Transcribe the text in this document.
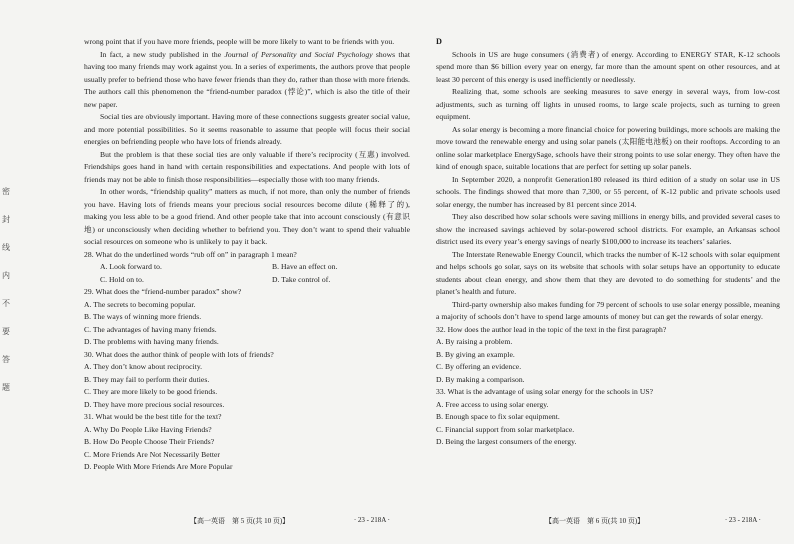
密
封
线
内
不
要
答
题

wrong point that if you have more friends, people will be more likely to want to be friends with you.

In fact, a new study published in the Journal of Personality and Social Psychology shows that having too many friends may work against you. In a series of experiments, the authors prove that people usually prefer to befriend those who have fewer friends than they do, rather than those with more friends. The authors call this phenomenon the “friend-number paradox (悖论)”, which is also the title of their new paper.

Social ties are obviously important. Having more of these connections suggests greater social value, and more potential possibilities. So it seems reasonable to assume that people will focus their social energies on befriending people who have lots of friends already.

But the problem is that these social ties are only valuable if there’s reciprocity (互惠) involved. Friendships goes hand in hand with certain responsibilities and expectations. And people with lots of friends may not be able to finish those responsibilities—especially those with too many friends.

In other words, “friendship quality” matters as much, if not more, than only the number of friends you have. Having lots of friends means your precious social resources become dilute (稀释了的), making you less able to be a good friend. And other people take that into account consciously (有意识地) or unconsciously when deciding whether to befriend you. They don’t want to spend their valuable social resources on someone who is unlikely to pay it back.

28. What do the underlined words “rub off on” in paragraph 1 mean?

A. Look forward to.	B. Have an effect on.
C. Hold on to.	D. Take control of.

29. What does the “friend-number paradox” show?

A. The secrets to becoming popular.

B. The ways of winning more friends.

C. The advantages of having many friends.

D. The problems with having many friends.

30. What does the author think of people with lots of friends?

A. They don’t know about reciprocity.

B. They may fail to perform their duties.

C. They are more likely to be good friends.

D. They have more precious social resources.

31. What would be the best title for the text?

A. Why Do People Like Having Friends?

B. How Do People Choose Their Friends?

C. More Friends Are Not Necessarily Better

D. People With More Friends Are More Popular

D

Schools in US are huge consumers (消费者) of energy. According to ENERGY STAR, K-12 schools spend more than $6 billion every year on energy, far more than the amount spent on other resources, and at least 30 percent of this energy is used inefficiently or needlessly.

Realizing that, some schools are seeking measures to save energy in several ways, from low-cost adjustments, such as turning off lights in unused rooms, to large scale projects, such as turning to green equipment.

As solar energy is becoming a more financial choice for powering buildings, more schools are making the move toward the renewable energy and using solar panels (太阳能电池板) on their rooftops. According to an online solar marketplace EnergySage, schools have their strong points to use solar energy. They often have the kind of enough space, suitable locations that are perfect for setting up solar panels.

In September 2020, a nonprofit Generation180 released its third edition of a study on solar use in US schools. The findings showed that more than 7,300, or 55 percent, of K-12 public and private schools used solar energy, the number has increased by 81 percent since 2014.

They also described how solar schools were saving millions in energy bills, and provided several cases to show the increased savings achieved by solar-powered school districts. For example, an Arkansas school district used its every year’s energy savings of nearly $100,000 to increase its teachers’ salaries.

The Interstate Renewable Energy Council, which tracks the number of K-12 schools with solar equipment and helps schools go solar, says on its website that schools with solar setups have an opportunity to educate students about clean energy, and show them that they are devoted to do something for students’ and the planet’s health and future.

Third-party ownership also makes funding for 79 percent of schools to use solar energy possible, meaning a majority of schools don’t have to spend large amounts of money but can get the rewards of solar energy.

32. How does the author lead in the topic of the text in the first paragraph?

A. By raising a problem.

B. By giving an example.

C. By offering an evidence.

D. By making a comparison.

33. What is the advantage of using solar energy for the schools in US?

A. Free access to using solar energy.

B. Enough space to fix solar equipment.

C. Financial support from solar marketplace.

D. Being the largest consumers of the energy.

【高一英语　第 5 页(共 10 页)】	· 23 - 218A ·	【高一英语　第 6 页(共 10 页)】	· 23 - 218A ·
